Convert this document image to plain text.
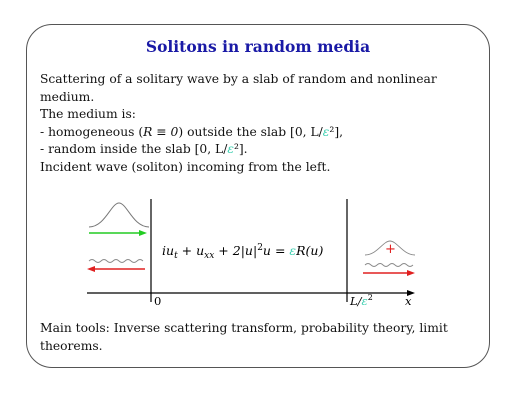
Solitons in random media

Scattering of a solitary wave by a slab of random and nonlinear medium.

The medium is:

- homogeneous (R ≡ 0) outside the slab [0, L/ε²],

- random inside the slab [0, L/ε²].

Incident wave (soliton) incoming from the left.

$iu_t + u_{xx} + 2|u|^2u = \varepsilon R(u)$	+
0	$L/\varepsilon^2$	x
Main tools: Inverse scattering transform, probability theory, limit theorems.
